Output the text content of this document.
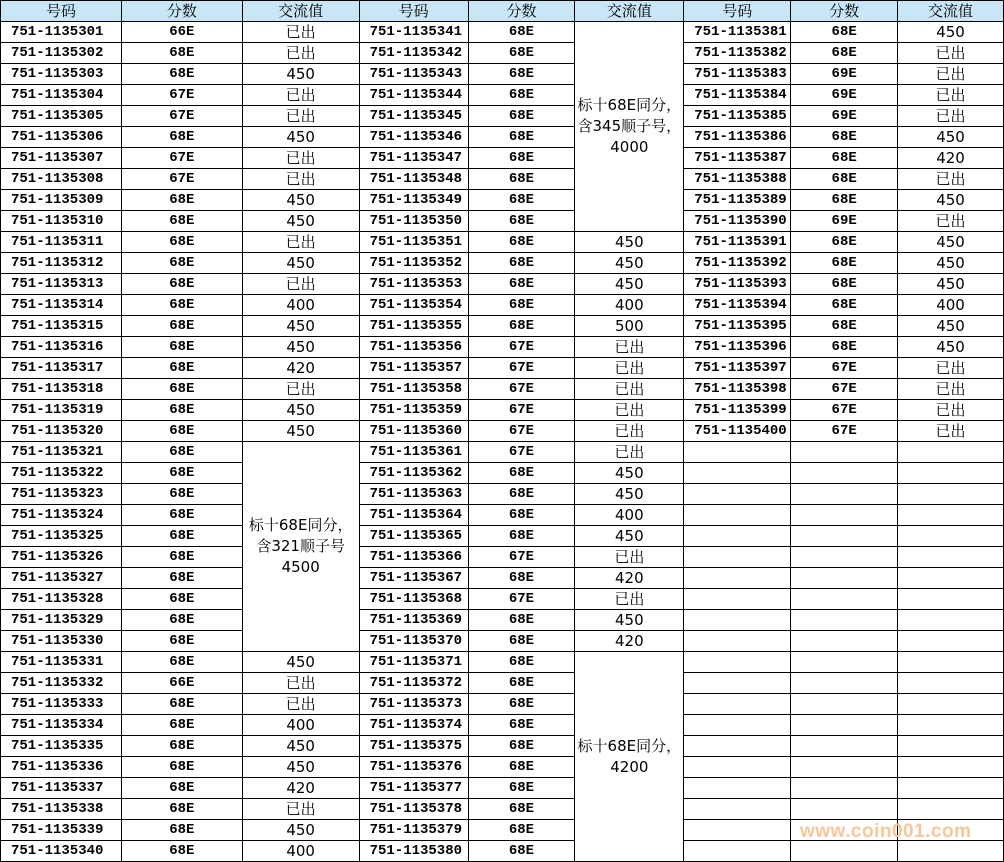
号码	分数	交流值	号码	分数	交流值	号码	分数	交流值
751-1135301	66E	已出	751-1135341	68E	标十68E同分，含345顺子号，4000	751-1135381	68E	450
751-1135302	68E	已出	751-1135342	68E		751-1135382	68E	已出
751-1135303	68E	450	751-1135343	68E		751-1135383	69E	已出
751-1135304	67E	已出	751-1135344	68E		751-1135384	69E	已出
751-1135305	67E	已出	751-1135345	68E		751-1135385	69E	已出
751-1135306	68E	450	751-1135346	68E		751-1135386	68E	450
751-1135307	67E	已出	751-1135347	68E		751-1135387	68E	420
751-1135308	67E	已出	751-1135348	68E		751-1135388	68E	已出
751-1135309	68E	450	751-1135349	68E		751-1135389	68E	450
751-1135310	68E	450	751-1135350	68E		751-1135390	69E	已出
751-1135311	68E	已出	751-1135351	68E	450	751-1135391	68E	450
751-1135312	68E	450	751-1135352	68E	450	751-1135392	68E	450
751-1135313	68E	已出	751-1135353	68E	450	751-1135393	68E	450
751-1135314	68E	400	751-1135354	68E	400	751-1135394	68E	400
751-1135315	68E	450	751-1135355	68E	500	751-1135395	68E	450
751-1135316	68E	450	751-1135356	67E	已出	751-1135396	68E	450
751-1135317	68E	420	751-1135357	67E	已出	751-1135397	67E	已出
751-1135318	68E	已出	751-1135358	67E	已出	751-1135398	67E	已出
751-1135319	68E	450	751-1135359	67E	已出	751-1135399	67E	已出
751-1135320	68E	450	751-1135360	67E	已出	751-1135400	67E	已出
751-1135321	68E	标十68E同分，含321顺子号4500	751-1135361	67E	已出			
751-1135322	68E		751-1135362	68E	450			
751-1135323	68E		751-1135363	68E	450			
751-1135324	68E		751-1135364	68E	400			
751-1135325	68E		751-1135365	68E	450			
751-1135326	68E		751-1135366	67E	已出			
751-1135327	68E		751-1135367	68E	420			
751-1135328	68E		751-1135368	67E	已出			
751-1135329	68E		751-1135369	68E	450			
751-1135330	68E		751-1135370	68E	420			
751-1135331	68E	450	751-1135371	68E	标十68E同分，4200			
751-1135332	66E	已出	751-1135372	68E				
751-1135333	68E	已出	751-1135373	68E				
751-1135334	68E	400	751-1135374	68E				
751-1135335	68E	450	751-1135375	68E				
751-1135336	68E	450	751-1135376	68E				
751-1135337	68E	420	751-1135377	68E				
751-1135338	68E	已出	751-1135378	68E				
751-1135339	68E	450	751-1135379	68E				
751-1135340	68E	400	751-1135380	68E				
www.coin001.com
